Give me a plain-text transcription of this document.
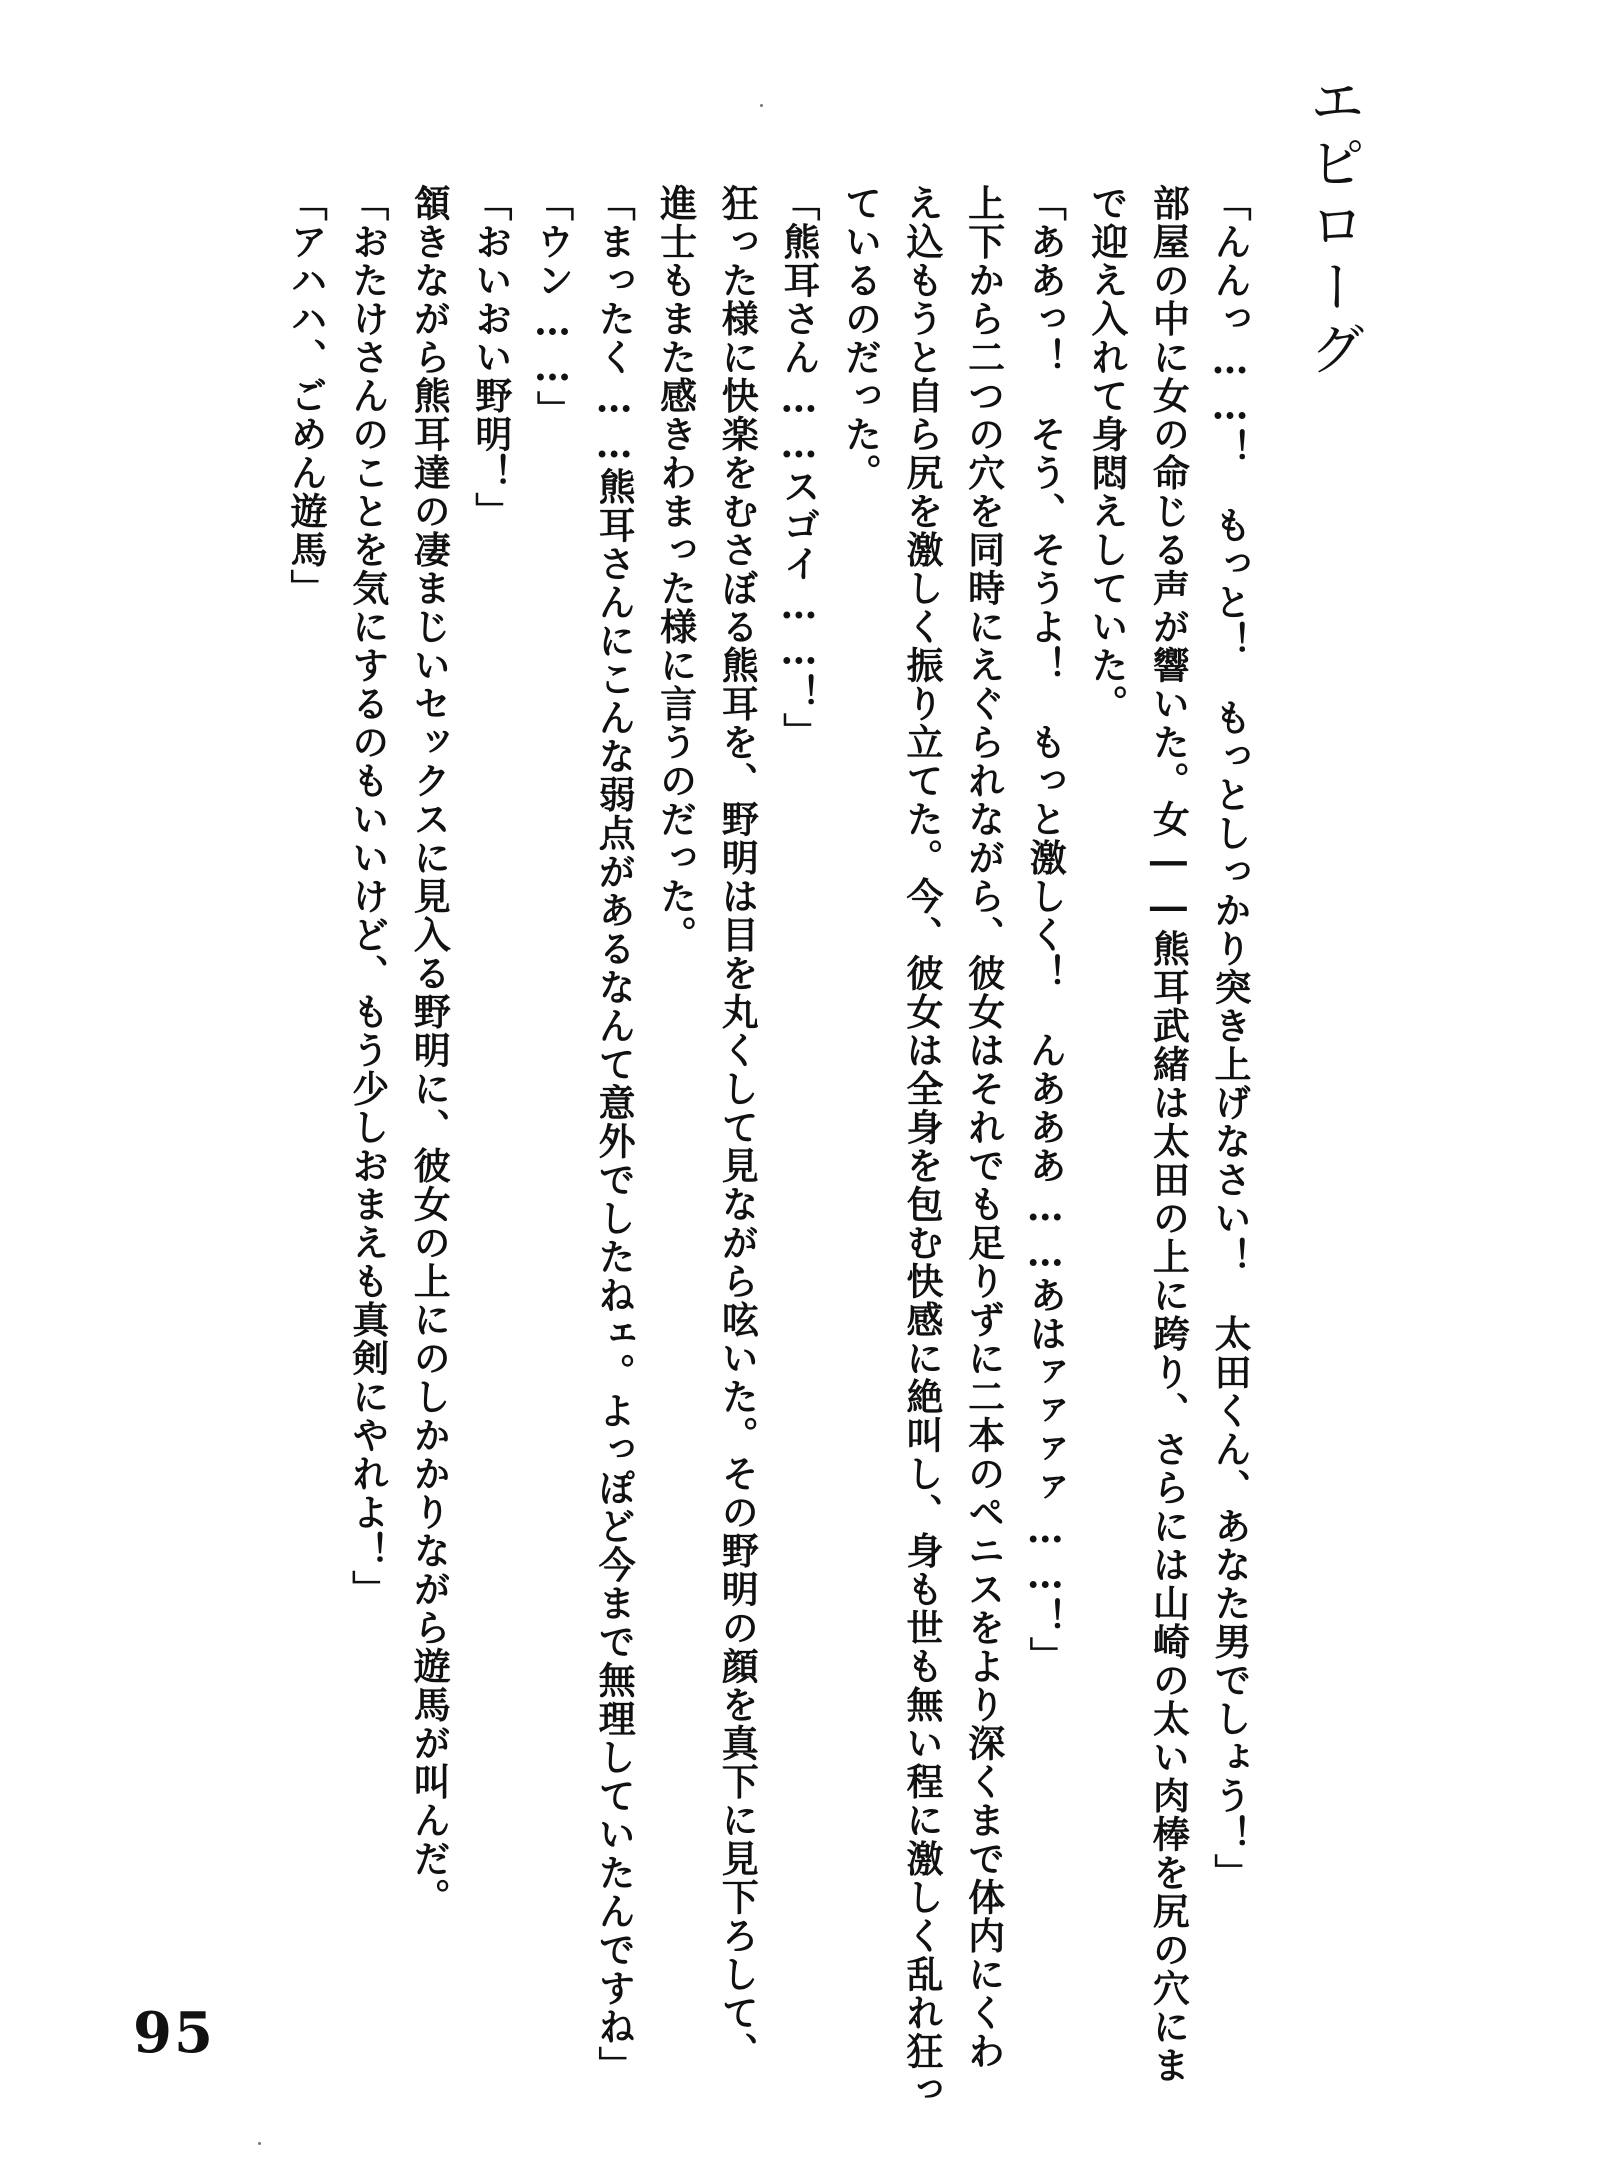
エピローグ
「んんっ……！　もっと！　もっとしっかり突き上げなさい！　太田くん、あなた男でしょう！」
部屋の中に女の命じる声が響いた。女――熊耳武緒は太田の上に跨り、さらには山崎の太い肉棒を尻の穴にま
で迎え入れて身悶えしていた。
「ああっ！　そう、そうよ！　もっと激しく！　んあああ……あはァァァァ……！」
上下から二つの穴を同時にえぐられながら、彼女はそれでも足りずに二本のペニスをより深くまで体内にくわ
え込もうと自ら尻を激しく振り立てた。今、彼女は全身を包む快感に絶叫し、身も世も無い程に激しく乱れ狂っ
ているのだった。
「熊耳さん……スゴイ……！」
狂った様に快楽をむさぼる熊耳を、野明は目を丸くして見ながら呟いた。その野明の顔を真下に見下ろして、
進士もまた感きわまった様に言うのだった。
「まったく……熊耳さんにこんな弱点があるなんて意外でしたねェ。よっぽど今まで無理していたんですね」
「ウン……」
「おいおい野明！」
頷きながら熊耳達の凄まじいセックスに見入る野明に、彼女の上にのしかかりながら遊馬が叫んだ。
「おたけさんのことを気にするのもいいけど、もう少しおまえも真剣にやれよ！」
「アハハ、ごめん遊馬」
95
